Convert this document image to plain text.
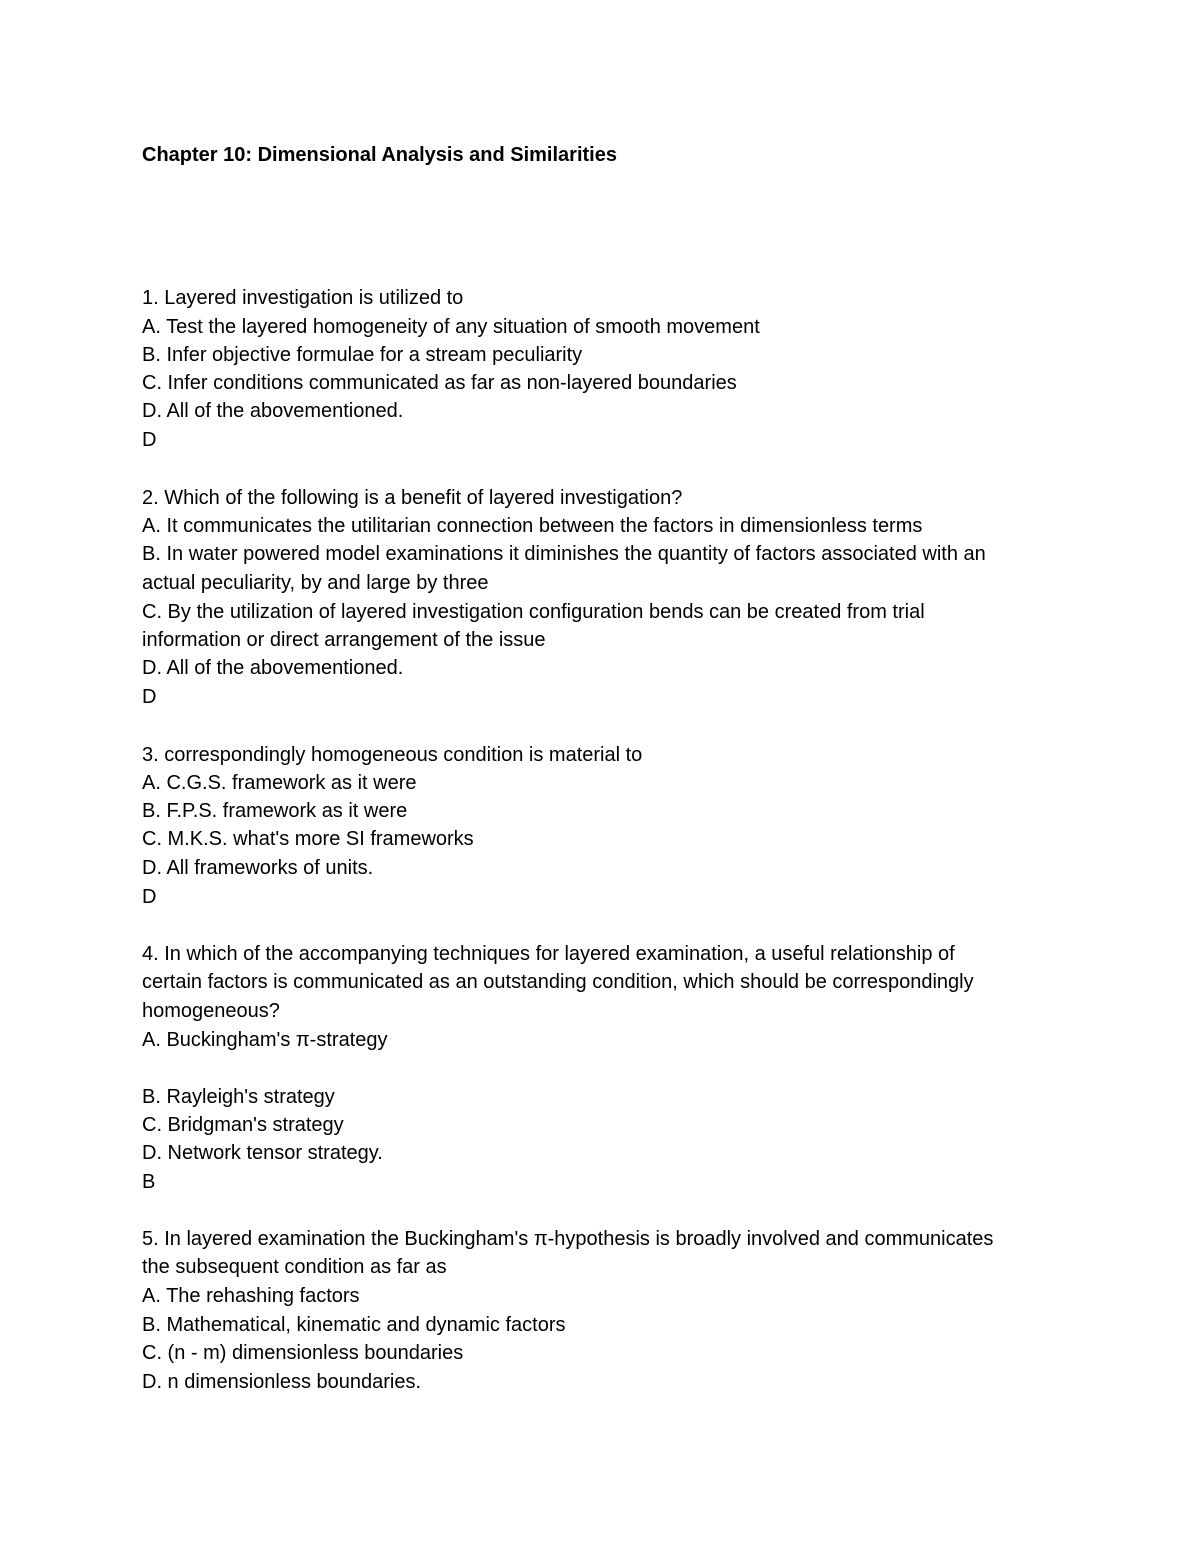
Chapter 10: Dimensional Analysis and Similarities
1. Layered investigation is utilized to
A. Test the layered homogeneity of any situation of smooth movement
B. Infer objective formulae for a stream peculiarity
C. Infer conditions communicated as far as non-layered boundaries
D. All of the abovementioned.
D
2. Which of the following is a benefit of layered investigation?
A. It communicates the utilitarian connection between the factors in dimensionless terms
B. In water powered model examinations it diminishes the quantity of factors associated with an
actual peculiarity, by and large by three
C. By the utilization of layered investigation configuration bends can be created from trial
information or direct arrangement of the issue
D. All of the abovementioned.
D
3. correspondingly homogeneous condition is material to
A. C.G.S. framework as it were
B. F.P.S. framework as it were
C. M.K.S. what's more SI frameworks
D. All frameworks of units.
D
4. In which of the accompanying techniques for layered examination, a useful relationship of
certain factors is communicated as an outstanding condition, which should be correspondingly
homogeneous?
A. Buckingham's π-strategy
B. Rayleigh's strategy
C. Bridgman's strategy
D. Network tensor strategy.
B
5. In layered examination the Buckingham's π-hypothesis is broadly involved and communicates
the subsequent condition as far as
A. The rehashing factors
B. Mathematical, kinematic and dynamic factors
C. (n - m) dimensionless boundaries
D. n dimensionless boundaries.
